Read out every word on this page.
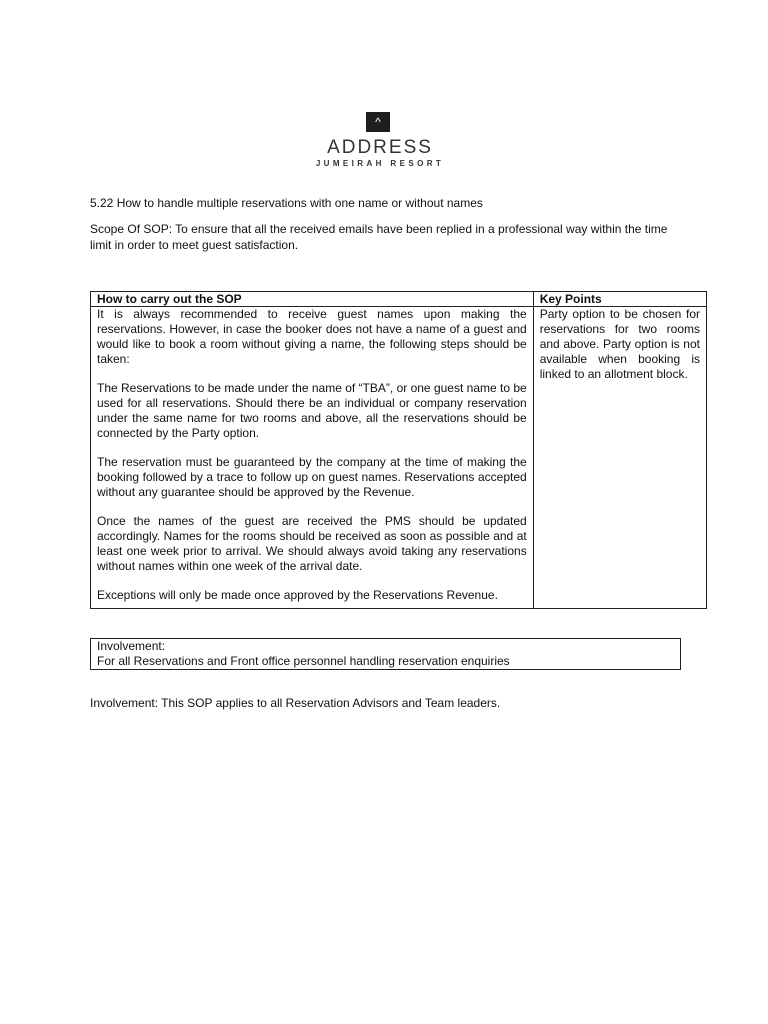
^
ADDRESS
JUMEIRAH RESORT
5.22 How to handle multiple reservations with one name or without names
Scope Of SOP: To ensure that all the received emails have been replied in a professional way within the time limit in order to meet guest satisfaction.
How to carry out the SOP	Key Points

It is always recommended to receive guest names upon making the reservations. However, in case the booker does not have a name of a guest and would like to book a room without giving a name, the following steps should be taken:

The Reservations to be made under the name of “TBA”, or one guest name to be used for all reservations. Should there be an individual or company reservation under the same name for two rooms and above, all the reservations should be connected by the Party option.

The reservation must be guaranteed by the company at the time of making the booking followed by a trace to follow up on guest names. Reservations accepted without any guarantee should be approved by the Revenue.

Once the names of the guest are received the PMS should be updated accordingly. Names for the rooms should be received as soon as possible and at least one week prior to arrival. We should always avoid taking any reservations without names within one week of the arrival date.

Exceptions will only be made once approved by the Reservations Revenue.	Party option to be chosen for reservations for two rooms and above. Party option is not available when booking is linked to an allotment block.

Involvement:
For all Reservations and Front office personnel handling reservation enquiries
Involvement: This SOP applies to all Reservation Advisors and Team leaders.
